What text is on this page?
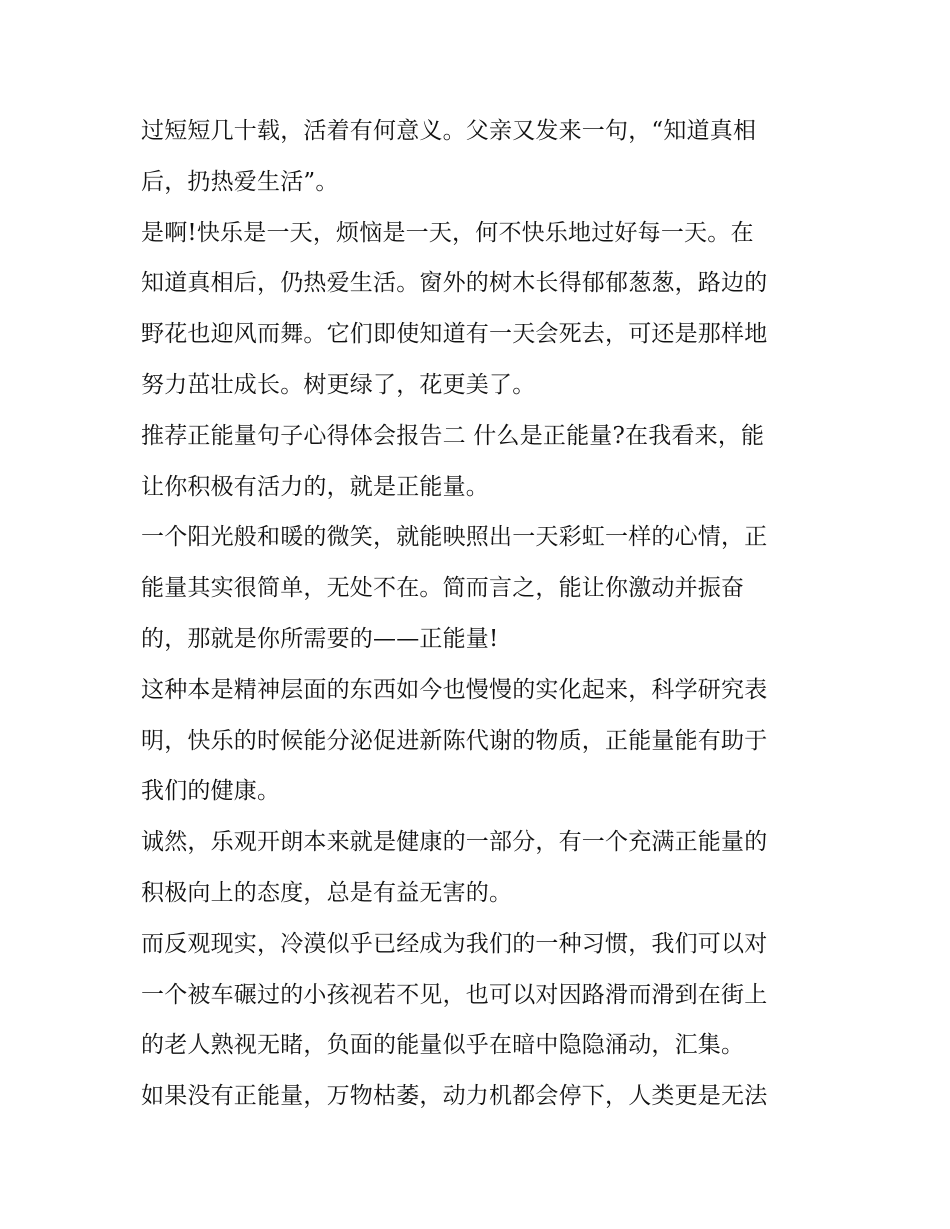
过短短几十载，活着有何意义。父亲又发来一句，“知道真相
后，扔热爱生活”。
是啊!快乐是一天，烦恼是一天，何不快乐地过好每一天。在
知道真相后，仍热爱生活。窗外的树木长得郁郁葱葱，路边的
野花也迎风而舞。它们即使知道有一天会死去，可还是那样地
努力茁壮成长。树更绿了，花更美了。
推荐正能量句子心得体会报告二 什么是正能量?在我看来，能
让你积极有活力的，就是正能量。
一个阳光般和暖的微笑，就能映照出一天彩虹一样的心情，正
能量其实很简单，无处不在。简而言之，能让你激动并振奋
的，那就是你所需要的——正能量!
这种本是精神层面的东西如今也慢慢的实化起来，科学研究表
明，快乐的时候能分泌促进新陈代谢的物质，正能量能有助于
我们的健康。
诚然，乐观开朗本来就是健康的一部分，有一个充满正能量的
积极向上的态度，总是有益无害的。
而反观现实，冷漠似乎已经成为我们的一种习惯，我们可以对
一个被车碾过的小孩视若不见，也可以对因路滑而滑到在街上
的老人熟视无睹，负面的能量似乎在暗中隐隐涌动，汇集。
如果没有正能量，万物枯萎，动力机都会停下，人类更是无法
